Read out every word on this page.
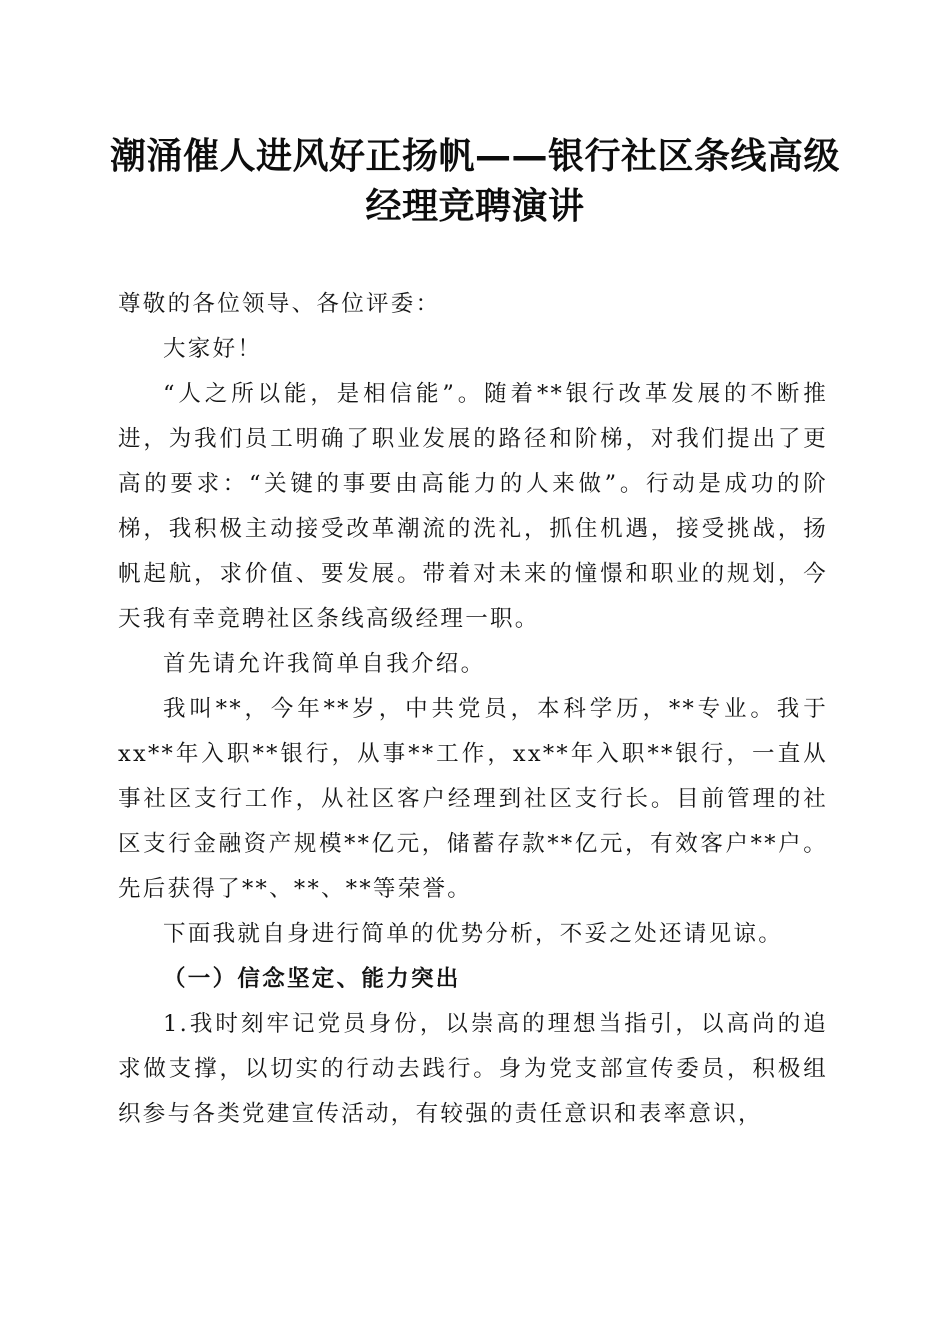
潮涌催人进风好正扬帆——银行社区条线高级经理竞聘演讲

尊敬的各位领导、各位评委：

大家好！

“人之所以能，是相信能”。随着**银行改革发展的不断推进，为我们员工明确了职业发展的路径和阶梯，对我们提出了更高的要求：“关键的事要由高能力的人来做”。行动是成功的阶梯，我积极主动接受改革潮流的洗礼，抓住机遇，接受挑战，扬帆起航，求价值、要发展。带着对未来的憧憬和职业的规划，今天我有幸竞聘社区条线高级经理一职。

首先请允许我简单自我介绍。

我叫**，今年**岁，中共党员，本科学历，**专业。我于xx**年入职**银行，从事**工作，xx**年入职**银行，一直从事社区支行工作，从社区客户经理到社区支行长。目前管理的社区支行金融资产规模**亿元，储蓄存款**亿元，有效客户**户。先后获得了**、**、**等荣誉。

下面我就自身进行简单的优势分析，不妥之处还请见谅。

（一）信念坚定、能力突出

1.我时刻牢记党员身份，以崇高的理想当指引，以高尚的追求做支撑，以切实的行动去践行。身为党支部宣传委员，积极组织参与各类党建宣传活动，有较强的责任意识和表率意识，
